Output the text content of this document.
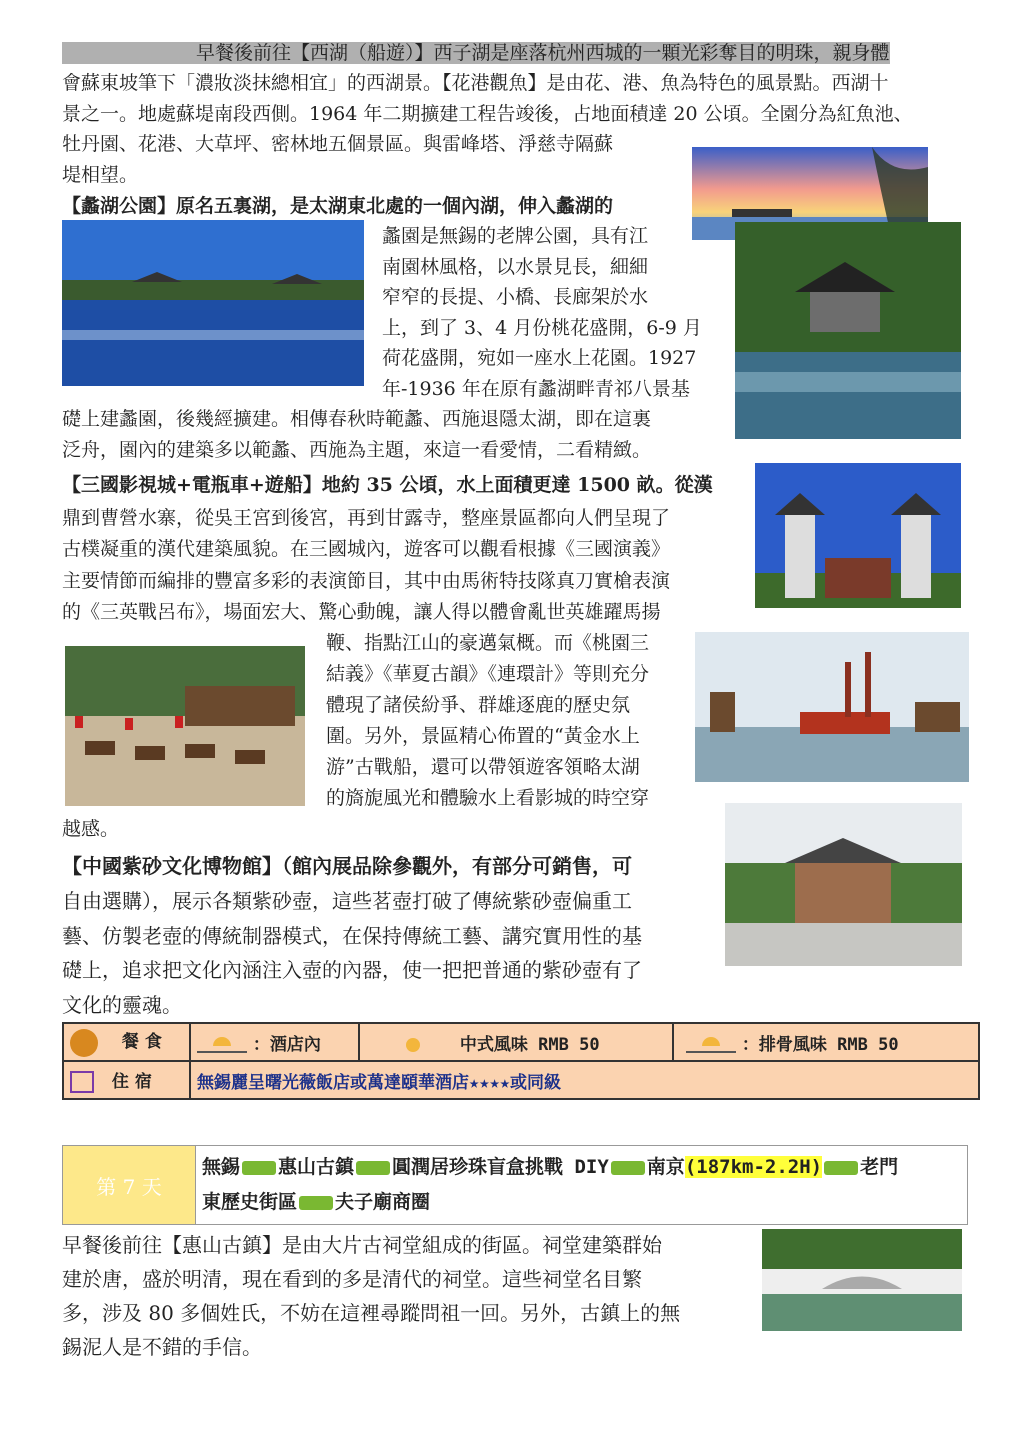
早餐後前往【西湖（船遊）】西子湖是座落杭州西城的一顆光彩奪目的明珠，親身體
會蘇東坡筆下「濃妝淡抹總相宜」的西湖景。【花港觀魚】是由花、港、魚為特色的風景點。西湖十
景之一。地處蘇堤南段西側。1964 年二期擴建工程告竣後，占地面積達 20 公頃。全園分為紅魚池、
牡丹園、花港、大草坪、密林地五個景區。與雷峰塔、淨慈寺隔蘇
堤相望。
【蠡湖公園】原名五裏湖，是太湖東北處的一個內湖，伸入蠡湖的
蠡園是無錫的老牌公園，具有江
南園林風格，以水景見長，細細
窄窄的長提、小橋、長廊架於水
上，到了 3、4 月份桃花盛開，6-9 月
荷花盛開，宛如一座水上花園。1927
年-1936 年在原有蠡湖畔青祁八景基
礎上建蠡園，後幾經擴建。相傳春秋時範蠡、西施退隱太湖，即在這裏
泛舟，園內的建築多以範蠡、西施為主題，來這一看愛情，二看精緻。
【三國影視城+電瓶車+遊船】地約 35 公頃，水上面積更達 1500 畝。從漢
鼎到曹營水寨，從吳王宮到後宮，再到甘露寺，整座景區都向人們呈現了
古樸凝重的漢代建築風貌。在三國城內，遊客可以觀看根據《三國演義》
主要情節而編排的豐富多彩的表演節目，其中由馬術特技隊真刀實槍表演
的《三英戰呂布》，場面宏大、驚心動魄，讓人得以體會亂世英雄躍馬揚
鞭、指點江山的豪邁氣概。而《桃園三
結義》《華夏古韻》《連環計》等則充分
體現了諸侯紛爭、群雄逐鹿的歷史氛
圍。另外，景區精心佈置的“黃金水上
游”古戰船，還可以帶領遊客領略太湖
的旖旎風光和體驗水上看影城的時空穿
越感。
【中國紫砂文化博物館】（館內展品除參觀外，有部分可銷售，可
自由選購），展示各類紫砂壺，這些茗壺打破了傳統紫砂壺偏重工
藝、仿製老壺的傳統制器模式，在保持傳統工藝、講究實用性的基
礎上，追求把文化內涵注入壺的內器，使一把把普通的紫砂壺有了
文化的靈魂。
餐 食	：酒店內	中式風味 RMB 50	：排骨風味 RMB 50
住 宿	無錫麗呈曙光薇飯店或萬達頤華酒店★★★★或同級		
第 7 天	無錫 惠山古鎮 圓潤居珍珠盲盒挑戰 DIY 南京(187km-2.2H) 老門
東歷史街區 夫子廟商圈
早餐後前往【惠山古鎮】是由大片古祠堂組成的街區。祠堂建築群始
建於唐，盛於明清，現在看到的多是清代的祠堂。這些祠堂名目繁
多，涉及 80 多個姓氏，不妨在這裡尋蹤問祖一回。另外，古鎮上的無
錫泥人是不錯的手信。
